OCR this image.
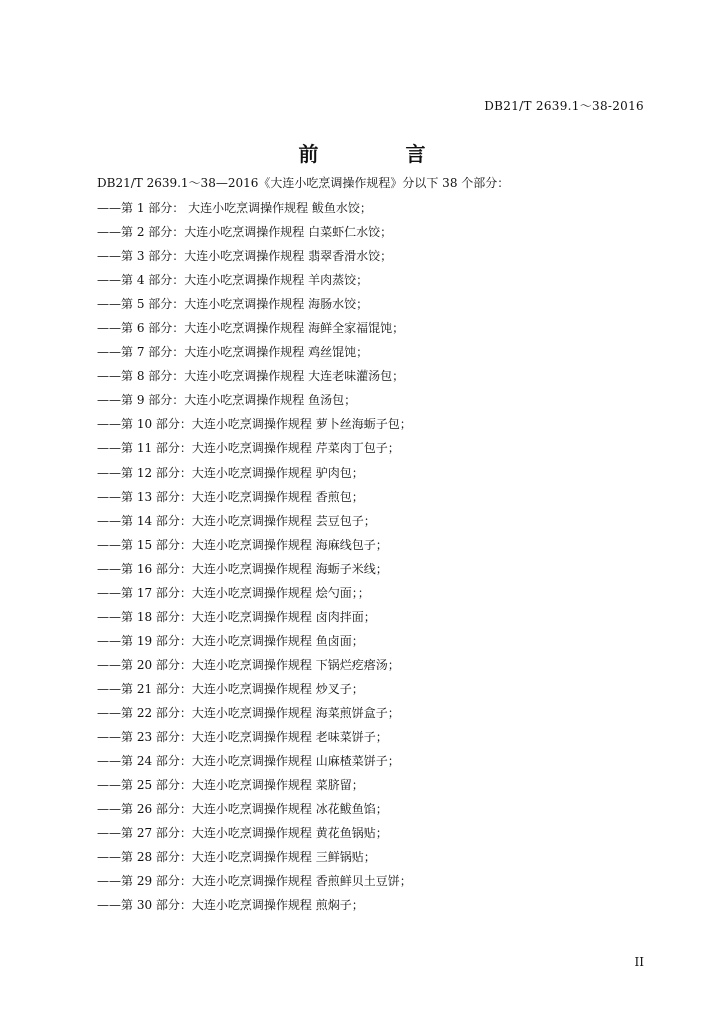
DB21/T 2639.1～38-2016
前 言
DB21/T 2639.1～38—2016《大连小吃烹调操作规程》分以下 38 个部分：
——第 1 部分： 大连小吃烹调操作规程 鲅鱼水饺；
——第 2 部分：大连小吃烹调操作规程 白菜虾仁水饺；
——第 3 部分：大连小吃烹调操作规程 翡翠香滑水饺；
——第 4 部分：大连小吃烹调操作规程 羊肉蒸饺；
——第 5 部分：大连小吃烹调操作规程 海肠水饺；
——第 6 部分：大连小吃烹调操作规程 海鲜全家福馄饨；
——第 7 部分：大连小吃烹调操作规程 鸡丝馄饨；
——第 8 部分：大连小吃烹调操作规程 大连老味灌汤包；
——第 9 部分：大连小吃烹调操作规程 鱼汤包；
——第 10 部分：大连小吃烹调操作规程 萝卜丝海蛎子包；
——第 11 部分：大连小吃烹调操作规程 芹菜肉丁包子；
——第 12 部分：大连小吃烹调操作规程 驴肉包；
——第 13 部分：大连小吃烹调操作规程 香煎包；
——第 14 部分：大连小吃烹调操作规程 芸豆包子；
——第 15 部分：大连小吃烹调操作规程 海麻线包子；
——第 16 部分：大连小吃烹调操作规程 海蛎子米线；
——第 17 部分：大连小吃烹调操作规程 烩勺面；；
——第 18 部分：大连小吃烹调操作规程 卤肉拌面；
——第 19 部分：大连小吃烹调操作规程 鱼卤面；
——第 20 部分：大连小吃烹调操作规程 下锅烂疙瘩汤；
——第 21 部分：大连小吃烹调操作规程 炒叉子；
——第 22 部分：大连小吃烹调操作规程 海菜煎饼盒子；
——第 23 部分：大连小吃烹调操作规程 老味菜饼子；
——第 24 部分：大连小吃烹调操作规程 山麻楂菜饼子；
——第 25 部分：大连小吃烹调操作规程 菜脐留；
——第 26 部分：大连小吃烹调操作规程 冰花鲅鱼馅；
——第 27 部分：大连小吃烹调操作规程 黄花鱼锅贴；
——第 28 部分：大连小吃烹调操作规程 三鲜锅贴；
——第 29 部分：大连小吃烹调操作规程 香煎鲜贝土豆饼；
——第 30 部分：大连小吃烹调操作规程 煎焖子；
II
